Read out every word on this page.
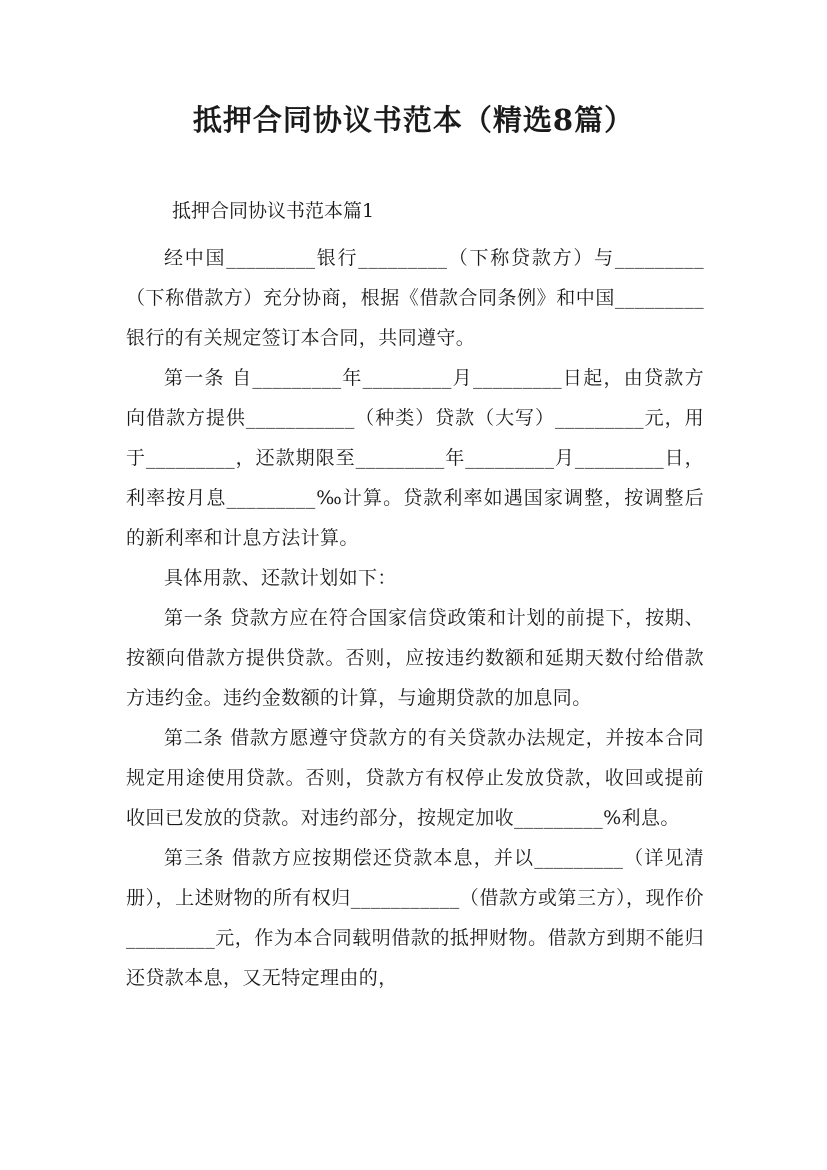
抵押合同协议书范本（精选8篇）

抵押合同协议书范本篇1

经中国_________银行_________（下称贷款方）与_________（下称借款方）充分协商，根据《借款合同条例》和中国_________银行的有关规定签订本合同，共同遵守。

第一条 自_________年_________月_________日起，由贷款方向借款方提供___________（种类）贷款（大写）_________元，用于_________，还款期限至_________年_________月_________日，利率按月息_________‰计算。贷款利率如遇国家调整，按调整后的新利率和计息方法计算。

具体用款、还款计划如下：

第一条 贷款方应在符合国家信贷政策和计划的前提下，按期、按额向借款方提供贷款。否则，应按违约数额和延期天数付给借款方违约金。违约金数额的计算，与逾期贷款的加息同。

第二条 借款方愿遵守贷款方的有关贷款办法规定，并按本合同规定用途使用贷款。否则，贷款方有权停止发放贷款，收回或提前收回已发放的贷款。对违约部分，按规定加收_________%利息。

第三条 借款方应按期偿还贷款本息，并以_________（详见清册），上述财物的所有权归___________（借款方或第三方），现作价_________元，作为本合同载明借款的抵押财物。借款方到期不能归还贷款本息，又无特定理由的，
